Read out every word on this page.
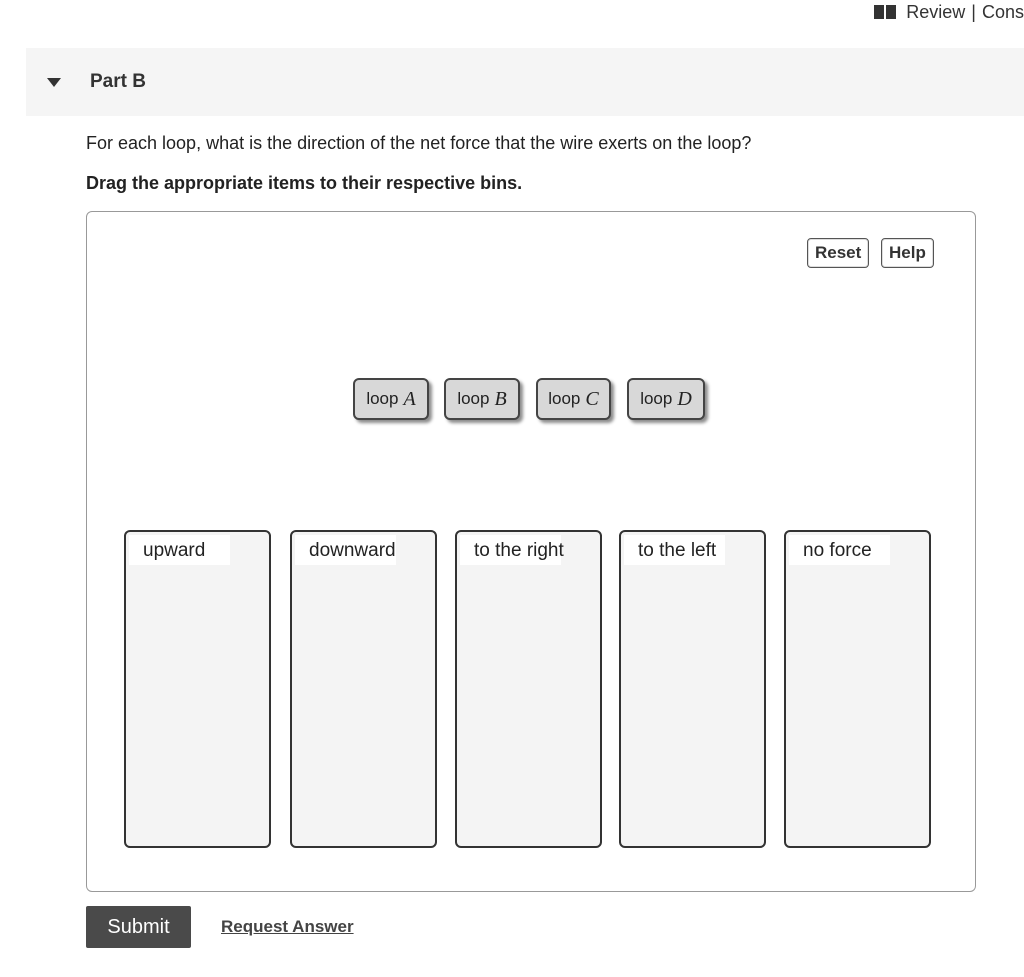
Review | Cons
Part B
For each loop, what is the direction of the net force that the wire exerts on the loop?
Drag the appropriate items to their respective bins.
Reset	Help
loop A loop B loop C loop D
upward	downward	to the right	to the left	no force
Submit	Request Answer
